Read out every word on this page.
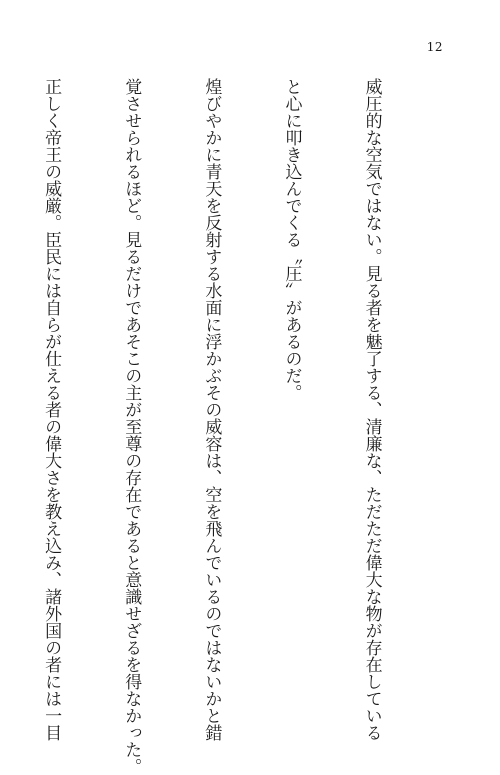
12

威圧的な空気ではない。見る者を魅了する、清廉な、ただただ偉大な物が存在している

と心に叩き込んでくる〝圧〟があるのだ。

煌びやかに青天を反射する水面に浮かぶその威容は、空を飛んでいるのではないかと錯

覚させられるほど。見るだけであそこの主が至尊の存在であると意識せざるを得なかった。

正しく帝王の威厳。臣民には自らが仕える者の偉大さを教え込み、諸外国の者には一目
